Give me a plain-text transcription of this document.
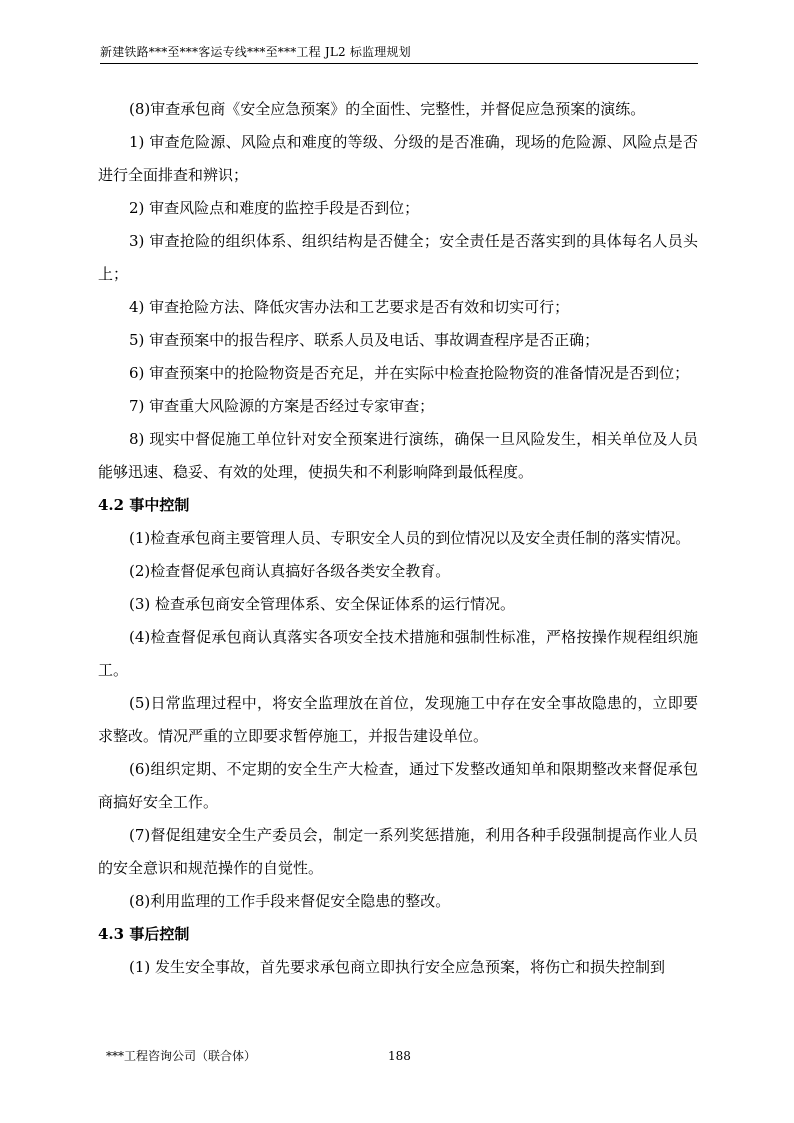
新建铁路***至***客运专线***至***工程 JL2 标监理规划

(8)审查承包商《安全应急预案》的全面性、完整性，并督促应急预案的演练。

1) 审查危险源、风险点和难度的等级、分级的是否准确，现场的危险源、风险点是否进行全面排查和辨识；

2) 审查风险点和难度的监控手段是否到位；

3) 审查抢险的组织体系、组织结构是否健全；安全责任是否落实到的具体每名人员头上；

4) 审查抢险方法、降低灾害办法和工艺要求是否有效和切实可行；

5) 审查预案中的报告程序、联系人员及电话、事故调查程序是否正确；

6) 审查预案中的抢险物资是否充足，并在实际中检查抢险物资的准备情况是否到位；

7) 审查重大风险源的方案是否经过专家审查；

8) 现实中督促施工单位针对安全预案进行演练，确保一旦风险发生，相关单位及人员能够迅速、稳妥、有效的处理，使损失和不利影响降到最低程度。

4.2 事中控制

(1)检查承包商主要管理人员、专职安全人员的到位情况以及安全责任制的落实情况。

(2)检查督促承包商认真搞好各级各类安全教育。

(3) 检查承包商安全管理体系、安全保证体系的运行情况。

(4)检查督促承包商认真落实各项安全技术措施和强制性标准，严格按操作规程组织施工。

(5)日常监理过程中，将安全监理放在首位，发现施工中存在安全事故隐患的，立即要求整改。情况严重的立即要求暂停施工，并报告建设单位。

(6)组织定期、不定期的安全生产大检查，通过下发整改通知单和限期整改来督促承包商搞好安全工作。

(7)督促组建安全生产委员会，制定一系列奖惩措施，利用各种手段强制提高作业人员的安全意识和规范操作的自觉性。

(8)利用监理的工作手段来督促安全隐患的整改。

4.3 事后控制

(1) 发生安全事故，首先要求承包商立即执行安全应急预案，将伤亡和损失控制到

***工程咨询公司（联合体）	188
